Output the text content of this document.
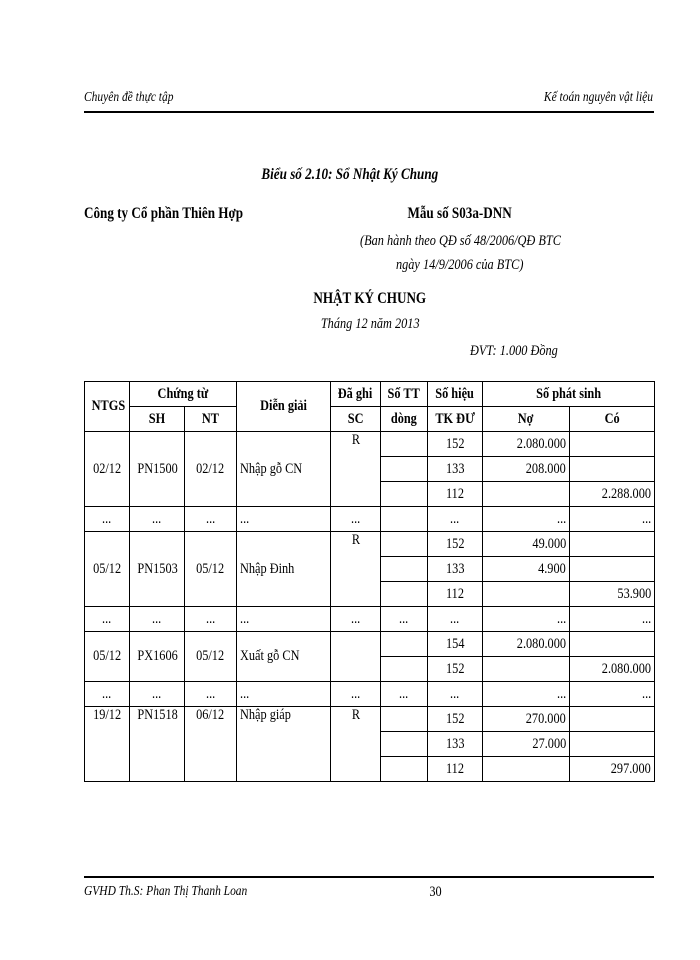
Chuyên đề thực tập	Kế toán nguyên vật liệu
Biểu số 2.10: Sổ Nhật Ký Chung
Công ty Cổ phần Thiên Hợp	Mẫu số S03a-DNN
(Ban hành theo QĐ số 48/2006/QĐ BTC
ngày 14/9/2006 của BTC)
NHẬT KÝ CHUNG
Tháng 12 năm 2013
ĐVT: 1.000 Đồng
NTGS	Chứng từ		Diễn giải	Đã ghi	Số TT	Số hiệu	Số phát sinh	
	SH	NT		SC	dòng	TK ĐƯ	Nợ	Có
02/12	PN1500	02/12	Nhập gỗ CN	R		152	2.080.000	
						133	208.000	
						112		2.288.000
...	...	...	...	...		...	...	...
05/12	PN1503	05/12	Nhập Đinh	R		152	49.000	
						133	4.900	
						112		53.900
...	...	...	...	...	...	...	...	...
05/12	PX1606	05/12	Xuất gỗ CN			154	2.080.000	
						152		2.080.000
...	...	...	...	...	...	...	...	...
19/12	PN1518	06/12	Nhập giáp	R		152	270.000	
						133	27.000	
						112		297.000
GVHD Th.S: Phan Thị Thanh Loan	30
